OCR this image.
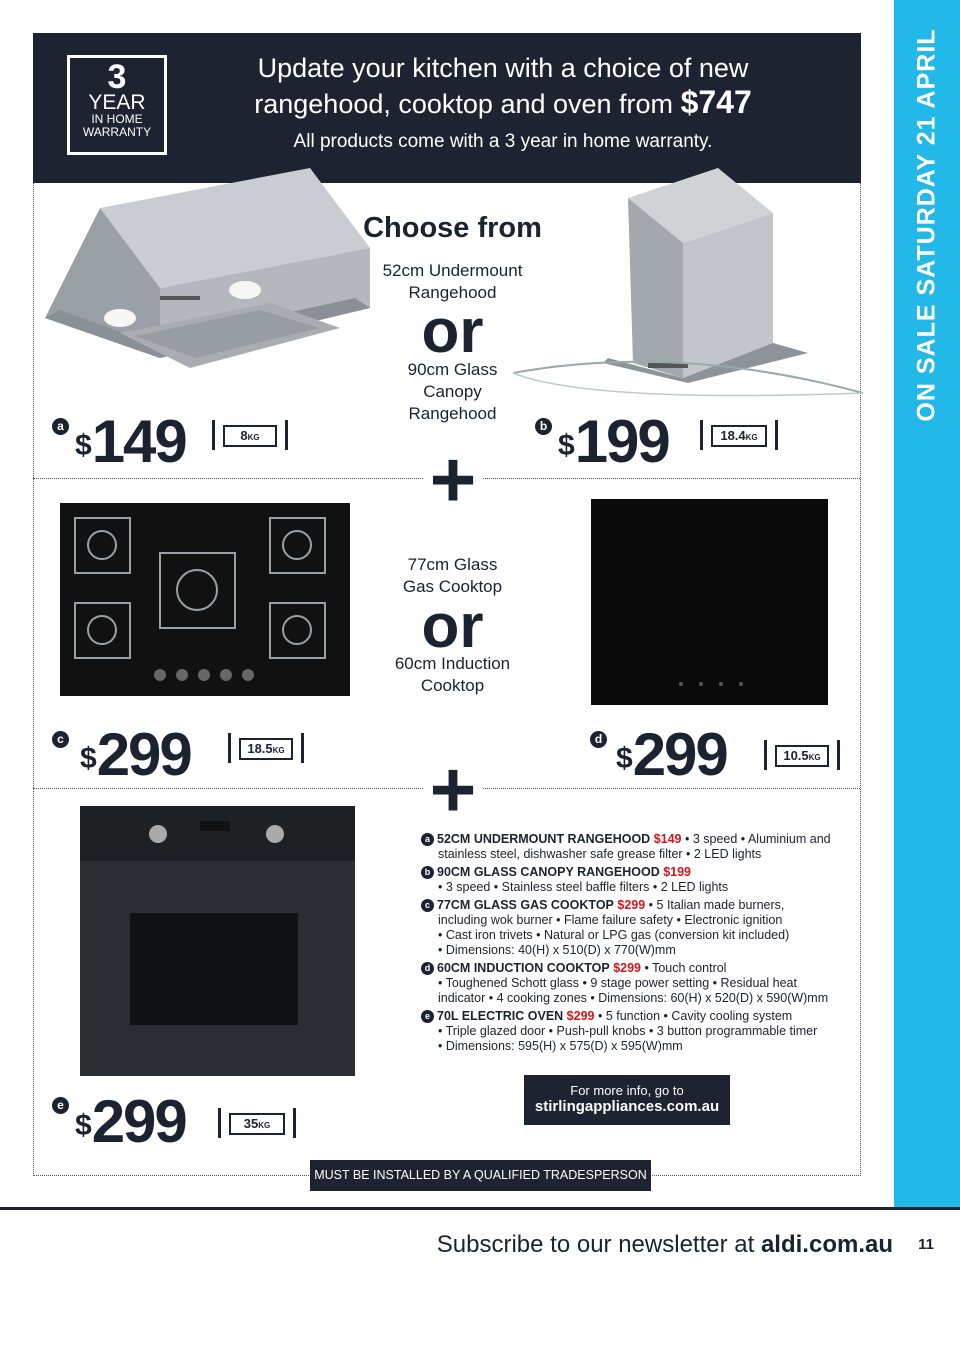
ON SALE SATURDAY 21 APRIL
3
YEAR
IN HOME
WARRANTY
Update your kitchen with a choice of new
rangehood, cooktop and oven from $747
All products come with a 3 year in home warranty.
Choose from
52cm Undermount
Rangehood
or
90cm Glass
Canopy
Rangehood
+
77cm Glass
Gas Cooktop
or
60cm Induction
Cooktop
+
a
$149	8KG
b
$199	18.4KG
c
$299	18.5KG
d
$299	10.5KG
e
$299	35KG
a 52CM UNDERMOUNT RANGEHOOD $149 • 3 speed • Aluminium and
stainless steel, dishwasher safe grease filter • 2 LED lights
b 90CM GLASS CANOPY RANGEHOOD $199
• 3 speed • Stainless steel baffle filters • 2 LED lights
c 77CM GLASS GAS COOKTOP $299 • 5 Italian made burners,
including wok burner • Flame failure safety • Electronic ignition
• Cast iron trivets • Natural or LPG gas (conversion kit included)
• Dimensions: 40(H) x 510(D) x 770(W)mm
d 60CM INDUCTION COOKTOP $299 • Touch control
• Toughened Schott glass • 9 stage power setting • Residual heat
indicator • 4 cooking zones • Dimensions: 60(H) x 520(D) x 590(W)mm
e 70L ELECTRIC OVEN $299 • 5 function • Cavity cooling system
• Triple glazed door • Push-pull knobs • 3 button programmable timer
• Dimensions: 595(H) x 575(D) x 595(W)mm
For more info, go to
stirlingappliances.com.au
MUST BE INSTALLED BY A QUALIFIED TRADESPERSON
Subscribe to our newsletter at aldi.com.au 11
